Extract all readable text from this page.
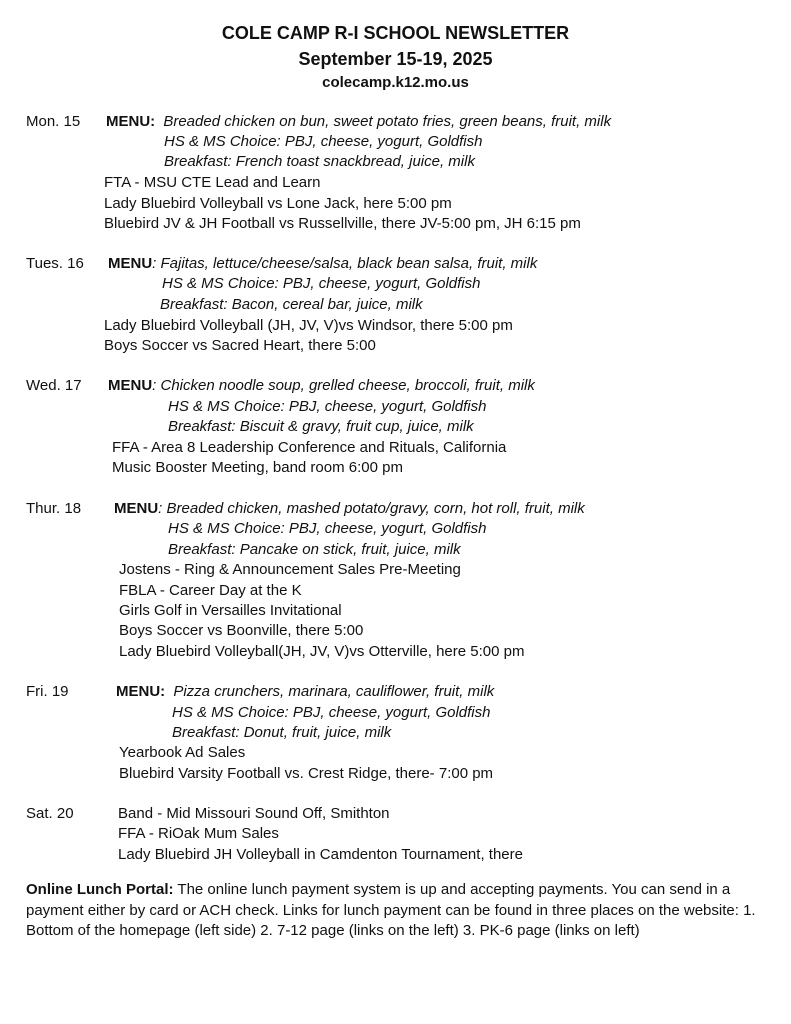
COLE CAMP R-I SCHOOL NEWSLETTER
September 15-19, 2025
colecamp.k12.mo.us
Mon. 15 MENU: Breaded chicken on bun, sweet potato fries, green beans, fruit, milk
HS & MS Choice: PBJ, cheese, yogurt, Goldfish
Breakfast: French toast snackbread, juice, milk
FTA - MSU CTE Lead and Learn
Lady Bluebird Volleyball vs Lone Jack, here 5:00 pm
Bluebird JV & JH Football vs Russellville, there JV-5:00 pm, JH 6:15 pm
Tues. 16 MENU: Fajitas, lettuce/cheese/salsa, black bean salsa, fruit, milk
HS & MS Choice: PBJ, cheese, yogurt, Goldfish
Breakfast: Bacon, cereal bar, juice, milk
Lady Bluebird Volleyball (JH, JV, V)vs Windsor, there 5:00 pm
Boys Soccer vs Sacred Heart, there 5:00
Wed. 17 MENU: Chicken noodle soup, grelled cheese, broccoli, fruit, milk
HS & MS Choice: PBJ, cheese, yogurt, Goldfish
Breakfast: Biscuit & gravy, fruit cup, juice, milk
FFA - Area 8 Leadership Conference and Rituals, California
Music Booster Meeting, band room 6:00 pm
Thur. 18 MENU: Breaded chicken, mashed potato/gravy, corn, hot roll, fruit, milk
HS & MS Choice: PBJ, cheese, yogurt, Goldfish
Breakfast: Pancake on stick, fruit, juice, milk
Jostens - Ring & Announcement Sales Pre-Meeting
FBLA - Career Day at the K
Girls Golf in Versailles Invitational
Boys Soccer vs Boonville, there 5:00
Lady Bluebird Volleyball(JH, JV, V)vs Otterville, here 5:00 pm
Fri. 19	MENU: Pizza crunchers, marinara, cauliflower, fruit, milk
HS & MS Choice: PBJ, cheese, yogurt, Goldfish
Breakfast: Donut, fruit, juice, milk
Yearbook Ad Sales
Bluebird Varsity Football vs. Crest Ridge, there- 7:00 pm
Sat. 20	Band - Mid Missouri Sound Off, Smithton
FFA - RiOak Mum Sales
Lady Bluebird JH Volleyball in Camdenton Tournament, there
Online Lunch Portal: The online lunch payment system is up and accepting payments. You can send in a payment either by card or ACH check. Links for lunch payment can be found in three places on the website: 1. Bottom of the homepage (left side) 2. 7-12 page (links on the left) 3. PK-6 page (links on left)
